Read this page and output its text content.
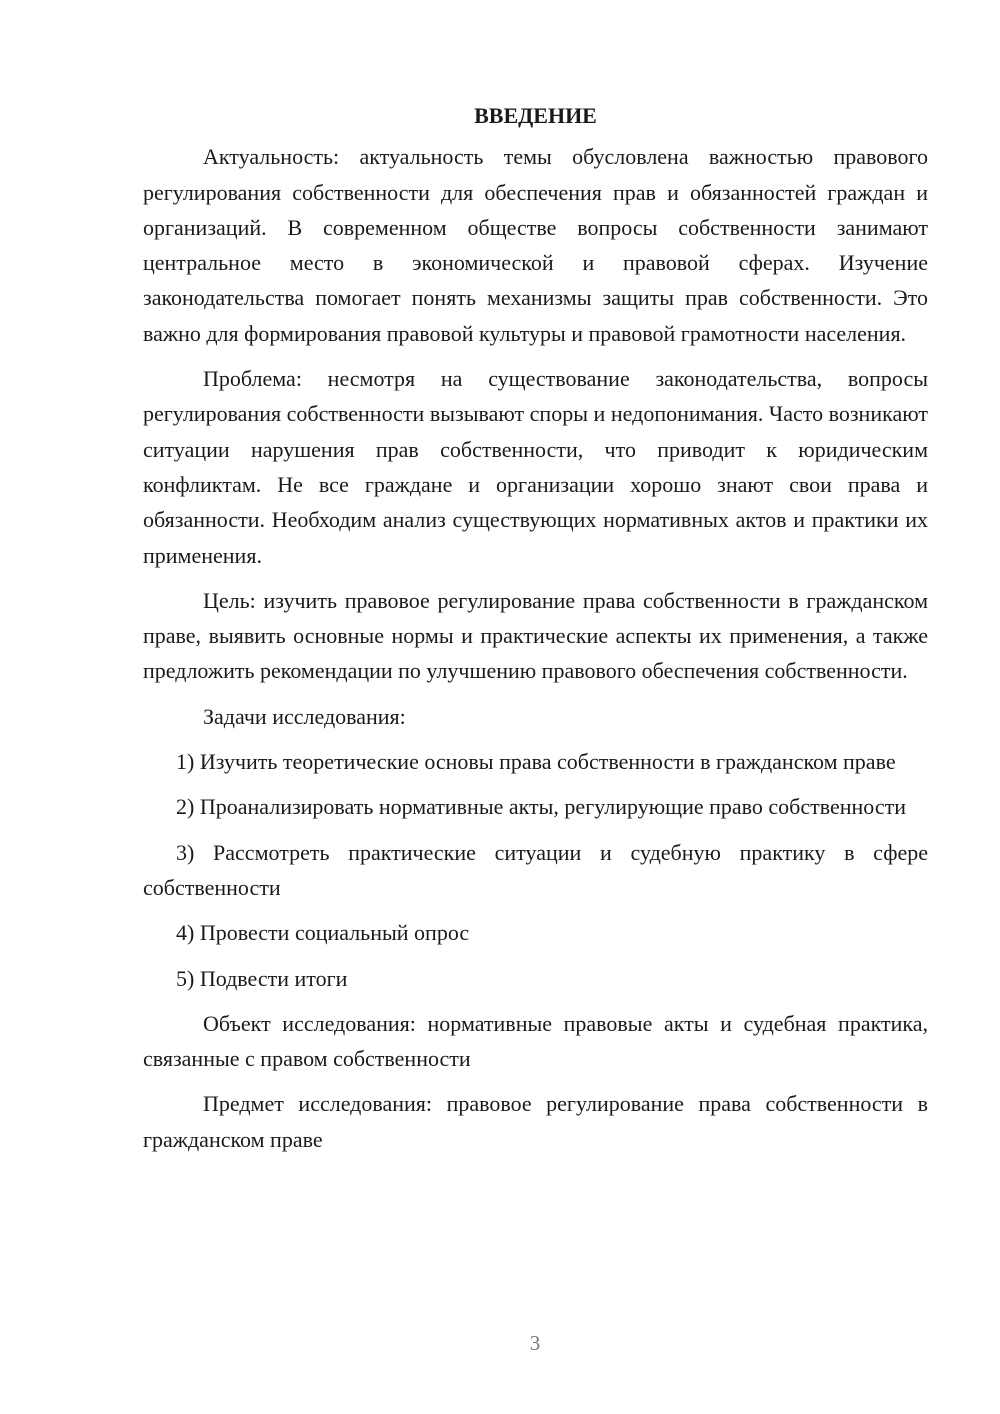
ВВЕДЕНИЕ

Актуальность: актуальность темы обусловлена важностью правового регулирования собственности для обеспечения прав и обязанностей граждан и организаций. В современном обществе вопросы собственности занимают центральное место в экономической и правовой сферах. Изучение законодательства помогает понять механизмы защиты прав собственности. Это важно для формирования правовой культуры и правовой грамотности населения.

Проблема: несмотря на существование законодательства, вопросы регулирования собственности вызывают споры и недопонимания. Часто возникают ситуации нарушения прав собственности, что приводит к юридическим конфликтам. Не все граждане и организации хорошо знают свои права и обязанности. Необходим анализ существующих нормативных актов и практики их применения.

Цель: изучить правовое регулирование права собственности в гражданском праве, выявить основные нормы и практические аспекты их применения, а также предложить рекомендации по улучшению правового обеспечения собственности.

Задачи исследования:

1) Изучить теоретические основы права собственности в гражданском праве

2) Проанализировать нормативные акты, регулирующие право собственности

3) Рассмотреть практические ситуации и судебную практику в сфере собственности

4) Провести социальный опрос

5) Подвести итоги

Объект исследования: нормативные правовые акты и судебная практика, связанные с правом собственности

Предмет исследования: правовое регулирование права собственности в гражданском праве

3
